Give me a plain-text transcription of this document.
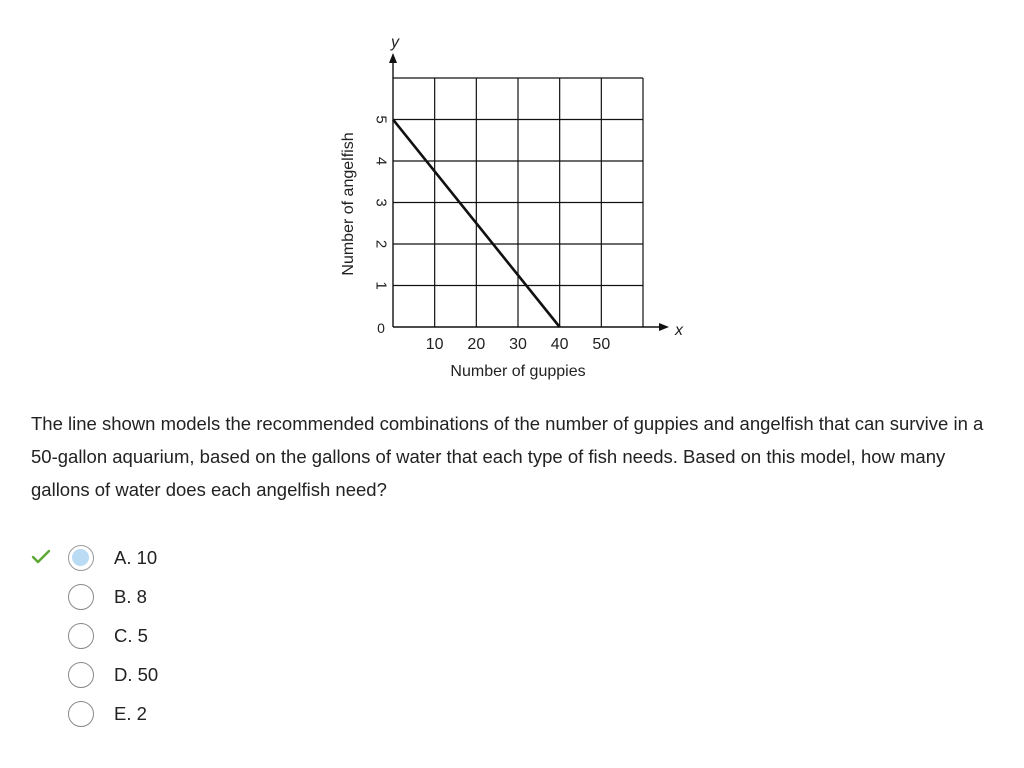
10 20 30 40 50
1
2
3
4
5
Number of angelfish
Number of guppies
y
x
0

The line shown models the recommended combinations of the number of guppies and angelfish that can survive in a 50-gallon aquarium, based on the gallons of water that each type of fish needs. Based on this model, how many gallons of water does each angelfish need?

A. 10
B. 8
C. 5
D. 50
E. 2
